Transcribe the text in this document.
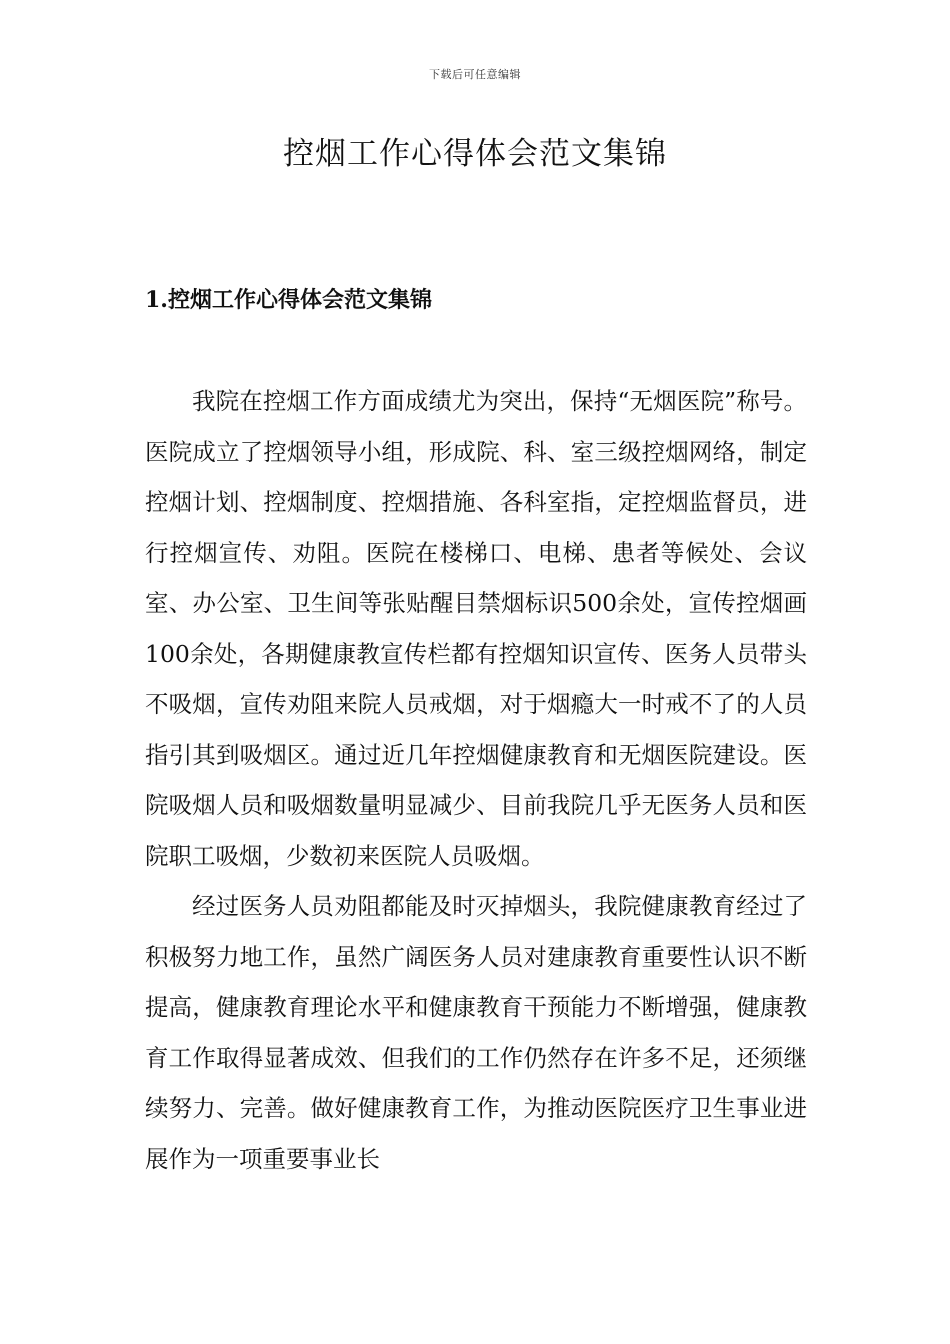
下载后可任意编辑
控烟工作心得体会范文集锦
1.控烟工作心得体会范文集锦

我院在控烟工作方面成绩尤为突出，保持“无烟医院”称号。医院成立了控烟领导小组，形成院、科、室三级控烟网络，制定控烟计划、控烟制度、控烟措施、各科室指，定控烟监督员，进行控烟宣传、劝阻。医院在楼梯口、电梯、患者等候处、会议室、办公室、卫生间等张贴醒目禁烟标识500余处，宣传控烟画100余处，各期健康教宣传栏都有控烟知识宣传、医务人员带头不吸烟，宣传劝阻来院人员戒烟，对于烟瘾大一时戒不了的人员指引其到吸烟区。通过近几年控烟健康教育和无烟医院建设。医院吸烟人员和吸烟数量明显减少、目前我院几乎无医务人员和医院职工吸烟，少数初来医院人员吸烟。

经过医务人员劝阻都能及时灭掉烟头，我院健康教育经过了积极努力地工作，虽然广阔医务人员对建康教育重要性认识不断提高，健康教育理论水平和健康教育干预能力不断增强，健康教育工作取得显著成效、但我们的工作仍然存在许多不足，还须继续努力、完善。做好健康教育工作，为推动医院医疗卫生事业进展作为一项重要事业长
